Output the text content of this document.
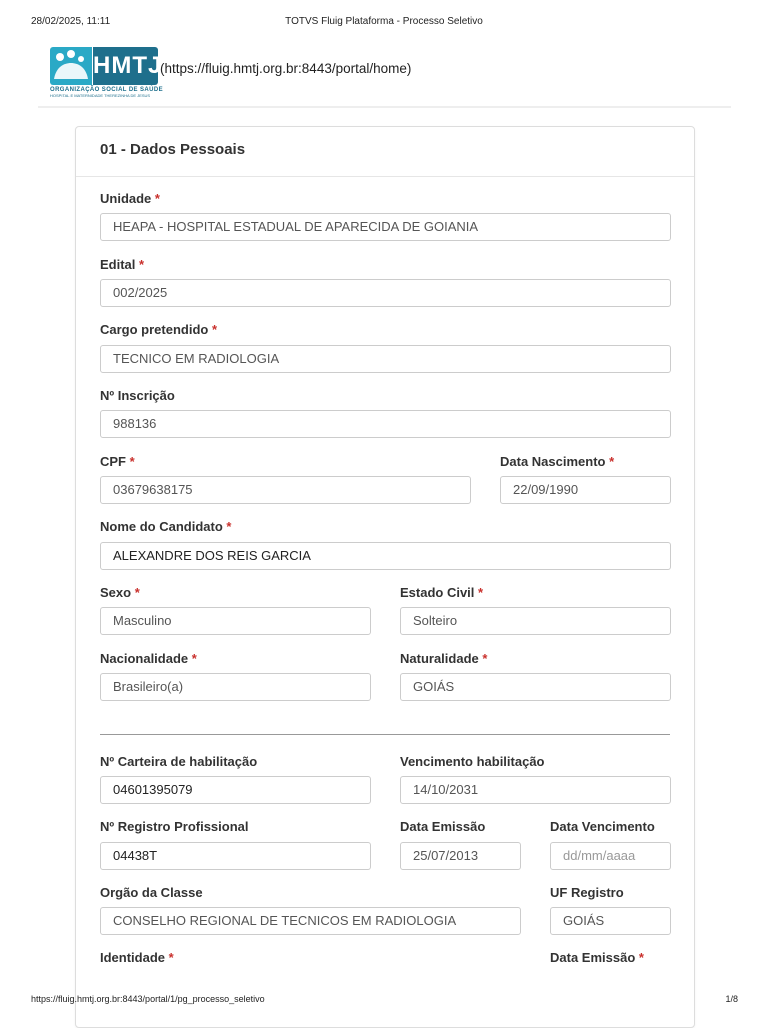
28/02/2025, 11:11	TOTVS Fluig Plataforma - Processo Seletivo
HMTJ
ORGANIZAÇÃO SOCIAL DE SAÚDE
HOSPITAL E MATERNIDADE THEREZINHA DE JESUS
(https://fluig.hmtj.org.br:8443/portal/home)
01 - Dados Pessoais
Unidade *
HEAPA - HOSPITAL ESTADUAL DE APARECIDA DE GOIANIA
Edital *
002/2025
Cargo pretendido *
TECNICO EM RADIOLOGIA
Nº Inscrição
988136
CPF *
03679638175
Data Nascimento *
22/09/1990
Nome do Candidato *
ALEXANDRE DOS REIS GARCIA
Sexo *
Masculino
Estado Civil *
Solteiro
Nacionalidade *
Brasileiro(a)
Naturalidade *
GOIÁS
Nº Carteira de habilitação
04601395079
Vencimento habilitação
14/10/2031
Nº Registro Profissional
04438T
Data Emissão
25/07/2013
Data Vencimento
dd/mm/aaaa
Orgão da Classe
CONSELHO REGIONAL DE TECNICOS EM RADIOLOGIA
UF Registro
GOIÁS
Identidade *	Data Emissão *
https://fluig.hmtj.org.br:8443/portal/1/pg_processo_seletivo	1/8
